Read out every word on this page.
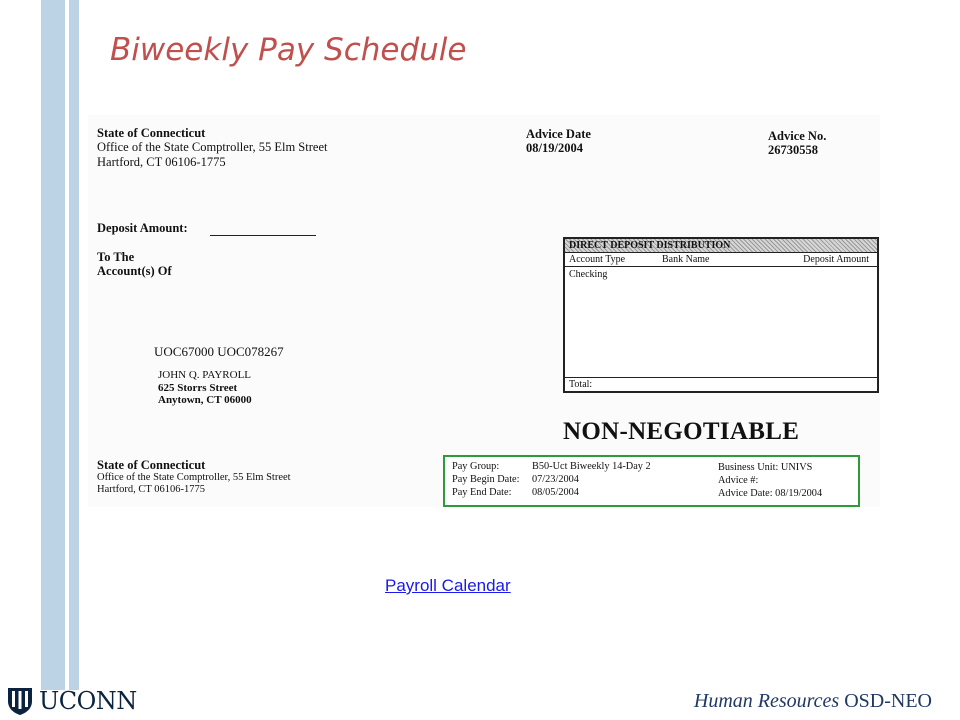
Biweekly Pay Schedule
State of Connecticut
Office of the State Comptroller, 55 Elm Street
Hartford, CT 06106-1775
Advice Date
08/19/2004
Advice No.
26730558
Deposit Amount:
To The
Account(s) Of
UOC67000 UOC078267
JOHN Q. PAYROLL
625 Storrs Street
Anytown, CT 06000
DIRECT DEPOSIT DISTRIBUTION
Account Type	Bank Name	Deposit Amount
Checking
Total:
NON-NEGOTIABLE
State of Connecticut
Office of the State Comptroller, 55 Elm Street
Hartford, CT 06106-1775
Pay Group:	B50-Uct Biweekly 14-Day 2
Pay Begin Date: 07/23/2004
Pay End Date: 08/05/2004
Business Unit: UNIVS
Advice #:
Advice Date: 08/19/2004
Payroll Calendar
UCONN	Human Resources OSD-NEO
